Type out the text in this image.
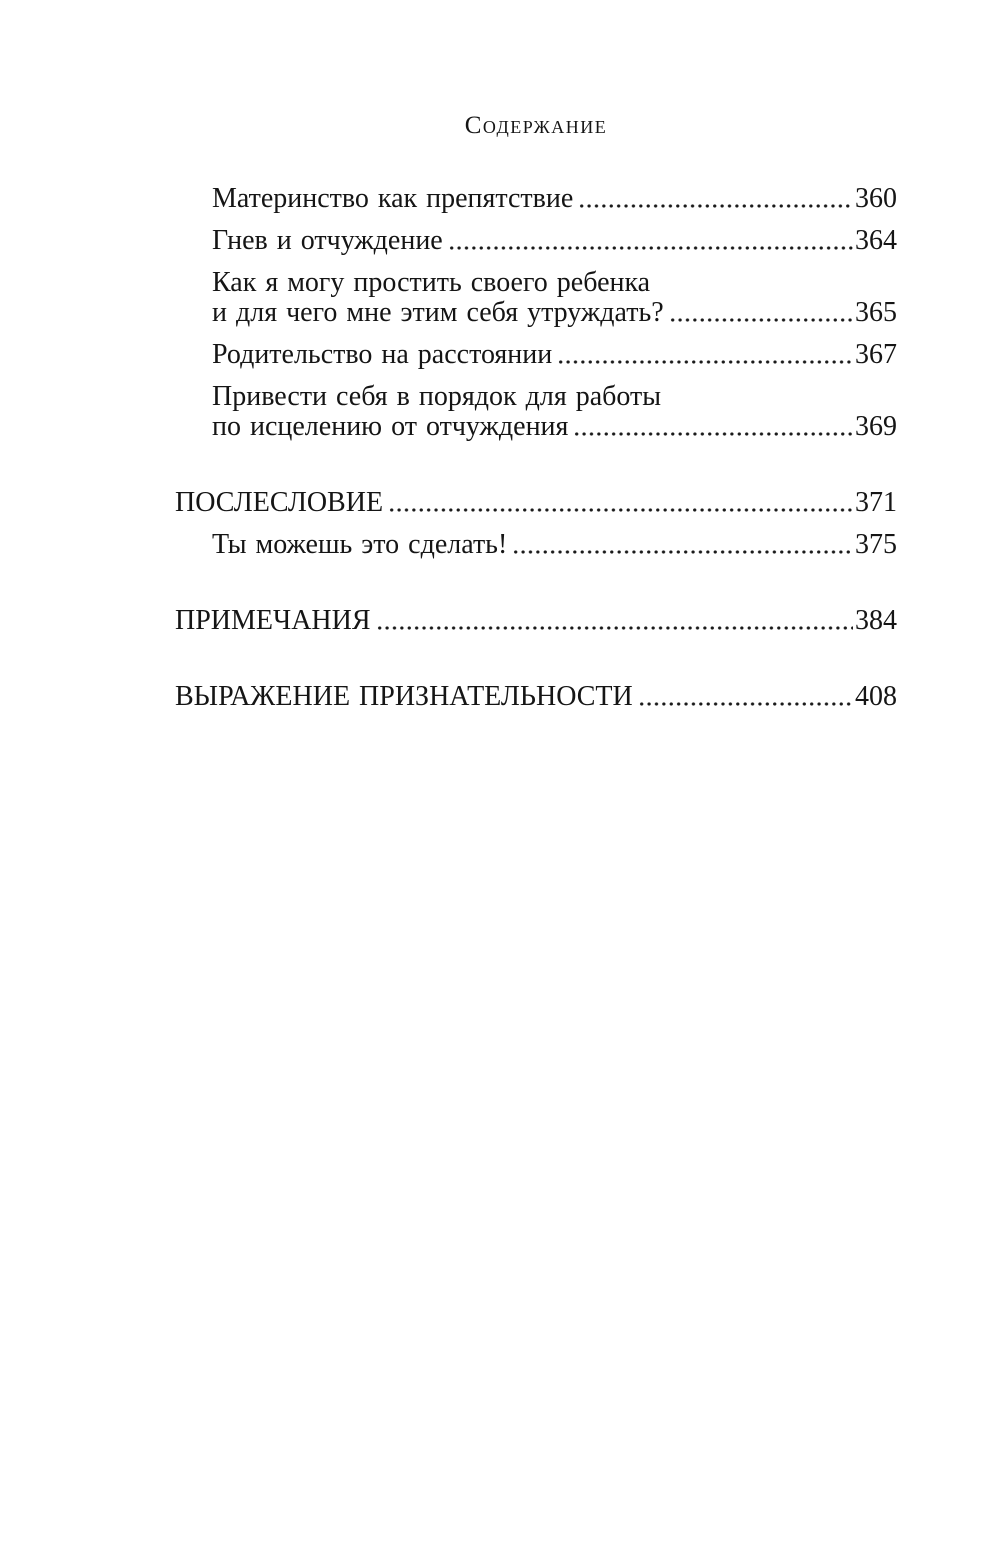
СОДЕРЖАНИЕ
Материнство как препятствие	360
Гнев и отчуждение	364
Как я могу простить своего ребенка
и для чего мне этим себя утруждать?	365
Родительство на расстоянии	367
Привести себя в порядок для работы
по исцелению от отчуждения	369
ПОСЛЕСЛОВИЕ	371
Ты можешь это сделать!	375
ПРИМЕЧАНИЯ	384
ВЫРАЖЕНИЕ ПРИЗНАТЕЛЬНОСТИ	408
